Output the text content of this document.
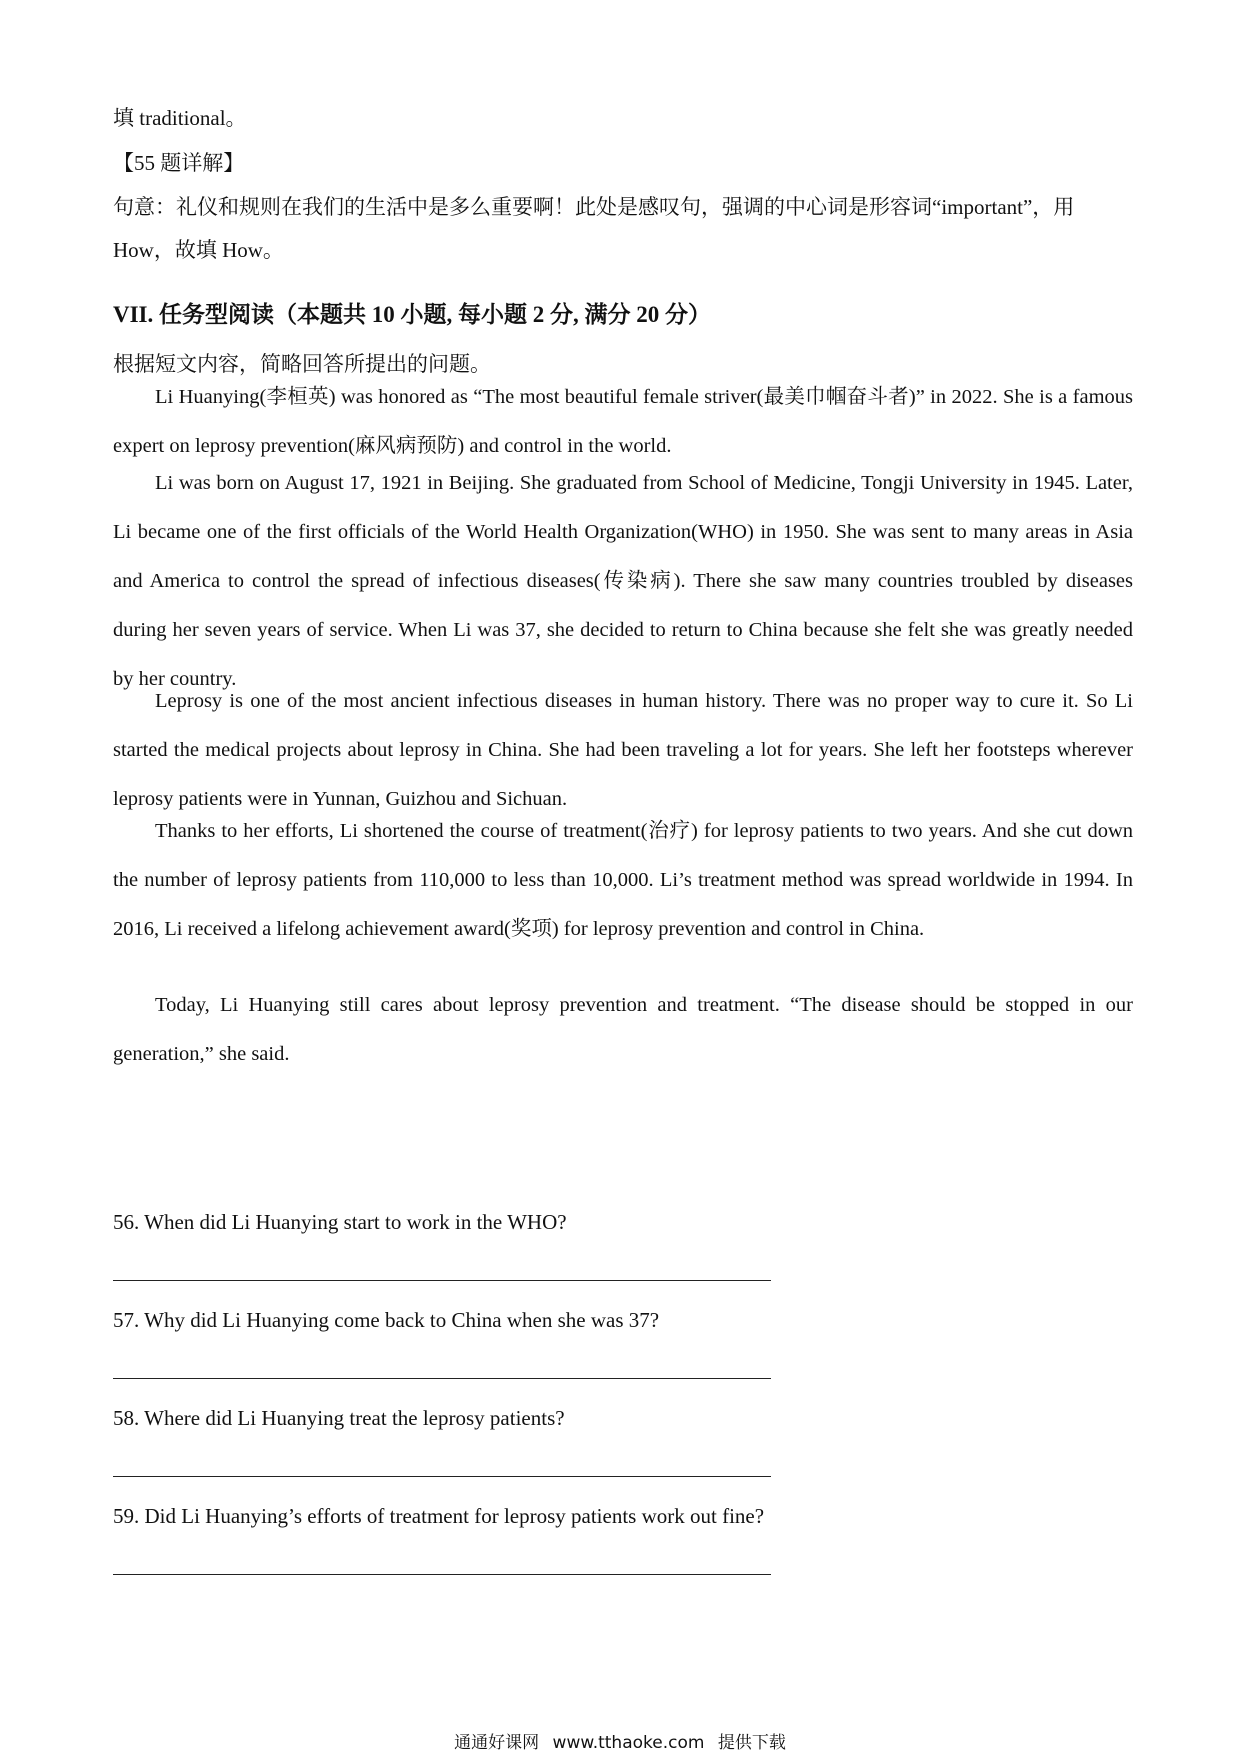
填 traditional。
【55 题详解】
句意：礼仪和规则在我们的生活中是多么重要啊！此处是感叹句，强调的中心词是形容词“important”，用
How，故填 How。
VII. 任务型阅读（本题共 10 小题, 每小题 2 分, 满分 20 分）
根据短文内容，简略回答所提出的问题。
Li Huanying(李桓英) was honored as “The most beautiful female striver(最美巾帼奋斗者)” in 2022. She is a famous expert on leprosy prevention(麻风病预防) and control in the world.
Li was born on August 17, 1921 in Beijing. She graduated from School of Medicine, Tongji University in 1945. Later, Li became one of the first officials of the World Health Organization(WHO) in 1950. She was sent to many areas in Asia and America to control the spread of infectious diseases(传染病). There she saw many countries troubled by diseases during her seven years of service. When Li was 37, she decided to return to China because she felt she was greatly needed by her country.
Leprosy is one of the most ancient infectious diseases in human history. There was no proper way to cure it. So Li started the medical projects about leprosy in China. She had been traveling a lot for years. She left her footsteps wherever leprosy patients were in Yunnan, Guizhou and Sichuan.
Thanks to her efforts, Li shortened the course of treatment(治疗) for leprosy patients to two years. And she cut down the number of leprosy patients from 110,000 to less than 10,000. Li’s treatment method was spread worldwide in 1994. In 2016, Li received a lifelong achievement award(奖项) for leprosy prevention and control in China.
Today, Li Huanying still cares about leprosy prevention and treatment. “The disease should be stopped in our generation,” she said.
56. When did Li Huanying start to work in the WHO?
57. Why did Li Huanying come back to China when she was 37?
58. Where did Li Huanying treat the leprosy patients?
59. Did Li Huanying’s efforts of treatment for leprosy patients work out fine?
通通好课网 www.tthaoke.com 提供下载
